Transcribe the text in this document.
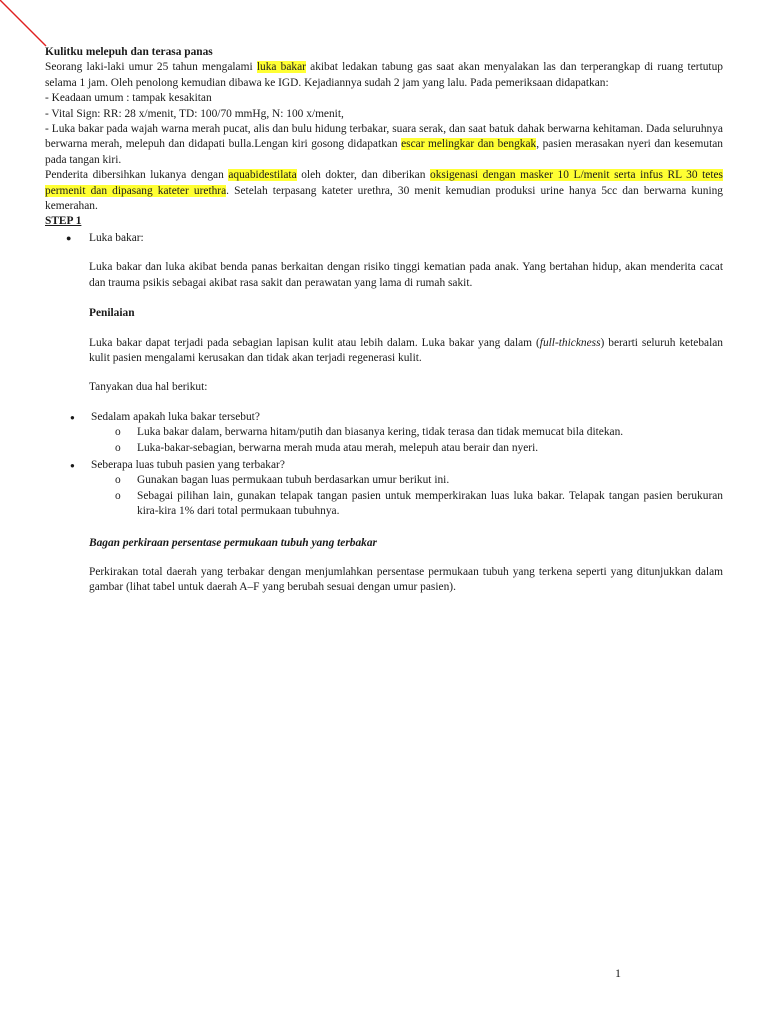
Kulitku melepuh dan terasa panas

Seorang laki-laki umur 25 tahun mengalami luka bakar akibat ledakan tabung gas saat akan menyalakan las dan terperangkap di ruang tertutup selama 1 jam. Oleh penolong kemudian dibawa ke IGD. Kejadiannya sudah 2 jam yang lalu. Pada pemeriksaan didapatkan:

- Keadaan umum : tampak kesakitan

- Vital Sign: RR: 28 x/menit, TD: 100/70 mmHg, N: 100 x/menit,

- Luka bakar pada wajah warna merah pucat, alis dan bulu hidung terbakar, suara serak, dan saat batuk dahak berwarna kehitaman. Dada seluruhnya berwarna merah, melepuh dan didapati bulla.Lengan kiri gosong didapatkan escar melingkar dan bengkak, pasien merasakan nyeri dan kesemutan pada tangan kiri.

Penderita dibersihkan lukanya dengan aquabidestilata oleh dokter, dan diberikan oksigenasi dengan masker 10 L/menit serta infus RL 30 tetes permenit dan dipasang kateter urethra. Setelah terpasang kateter urethra, 30 menit kemudian produksi urine hanya 5cc dan berwarna kuning kemerahan.

STEP 1

● Luka bakar:

Luka bakar dan luka akibat benda panas berkaitan dengan risiko tinggi kematian pada anak. Yang bertahan hidup, akan menderita cacat dan trauma psikis sebagai akibat rasa sakit dan perawatan yang lama di rumah sakit.

Penilaian

Luka bakar dapat terjadi pada sebagian lapisan kulit atau lebih dalam. Luka bakar yang dalam (full-thickness) berarti seluruh ketebalan kulit pasien mengalami kerusakan dan tidak akan terjadi regenerasi kulit.

Tanyakan dua hal berikut:

● Sedalam apakah luka bakar tersebut?
o Luka bakar dalam, berwarna hitam/putih dan biasanya kering, tidak terasa dan tidak memucat bila ditekan.
o Luka-bakar-sebagian, berwarna merah muda atau merah, melepuh atau berair dan nyeri.
● Seberapa luas tubuh pasien yang terbakar?
o Gunakan bagan luas permukaan tubuh berdasarkan umur berikut ini.
o Sebagai pilihan lain, gunakan telapak tangan pasien untuk memperkirakan luas luka bakar. Telapak tangan pasien berukuran kira-kira 1% dari total permukaan tubuhnya.

Bagan perkiraan persentase permukaan tubuh yang terbakar

Perkirakan total daerah yang terbakar dengan menjumlahkan persentase permukaan tubuh yang terkena seperti yang ditunjukkan dalam gambar (lihat tabel untuk daerah A–F yang berubah sesuai dengan umur pasien).

1
